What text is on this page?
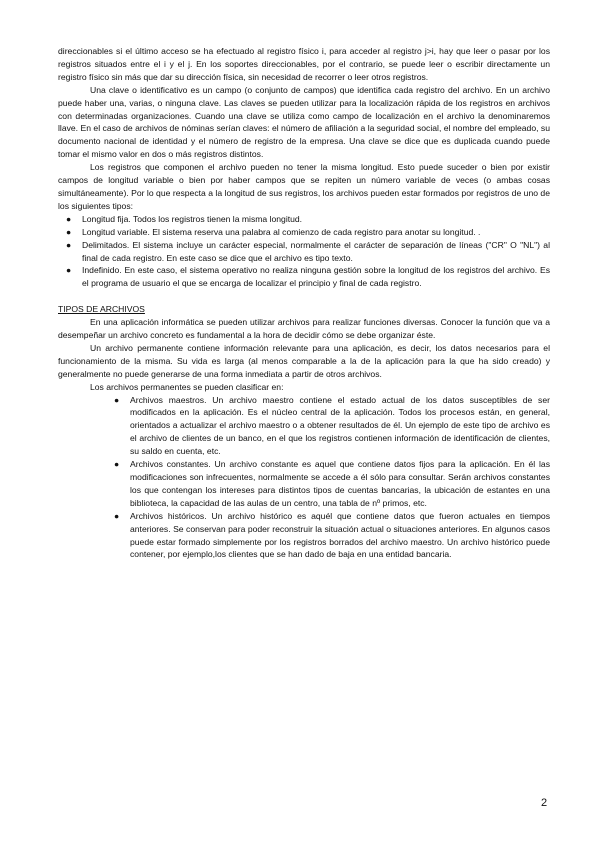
direccionables si el último acceso se ha efectuado al registro físico i, para acceder al registro j>i, hay que leer o pasar por los registros situados entre el i y el j. En los soportes direccionables, por el contrario, se puede leer o escribir directamente un registro físico sin más que dar su dirección física, sin necesidad de recorrer o leer otros registros.

Una clave o identificativo es un campo (o conjunto de campos) que identifica cada registro del archivo. En un archivo puede haber una, varias, o ninguna clave. Las claves se pueden utilizar para la localización rápida de los registros en archivos con determinadas organizaciones. Cuando una clave se utiliza como campo de localización en el archivo la denominaremos llave. En el caso de archivos de nóminas serían claves: el número de afiliación a la seguridad social, el nombre del empleado, su documento nacional de identidad y el número de registro de la empresa. Una clave se dice que es duplicada cuando puede tomar el mismo valor en dos o más registros distintos.

Los registros que componen el archivo pueden no tener la misma longitud. Esto puede suceder o bien por existir campos de longitud variable o bien por haber campos que se repiten un número variable de veces (o ambas cosas simultáneamente). Por lo que respecta a la longitud de sus registros, los archivos pueden estar formados por registros de uno de los siguientes tipos:

● Longitud fija. Todos los registros tienen la misma longitud.
● Longitud variable. El sistema reserva una palabra al comienzo de cada registro para anotar su longitud. .
● Delimitados. El sistema incluye un carácter especial, normalmente el carácter de separación de líneas ("CR" O "NL") al final de cada registro. En este caso se dice que el archivo es tipo texto.
● Indefinido. En este caso, el sistema operativo no realiza ninguna gestión sobre la longitud de los registros del archivo. Es el programa de usuario el que se encarga de localizar el principio y final de cada registro.

TIPOS DE ARCHIVOS

En una aplicación informática se pueden utilizar archivos para realizar funciones diversas. Conocer la función que va a desempeñar un archivo concreto es fundamental a la hora de decidir cómo se debe organizar éste.

Un archivo permanente contiene información relevante para una aplicación, es decir, los datos necesarios para el funcionamiento de la misma. Su vida es larga (al menos comparable a la de la aplicación para la que ha sido creado) y generalmente no puede generarse de una forma inmediata a partir de otros archivos.

Los archivos permanentes se pueden clasificar en:

● Archivos maestros. Un archivo maestro contiene el estado actual de los datos susceptibles de ser modificados en la aplicación. Es el núcleo central de la aplicación. Todos los procesos están, en general, orientados a actualizar el archivo maestro o a obtener resultados de él. Un ejemplo de este tipo de archivo es el archivo de clientes de un banco, en el que los registros contienen información de identificación de clientes, su saldo en cuenta, etc.
● Archivos constantes. Un archivo constante es aquel que contiene datos fijos para la aplicación. En él las modificaciones son infrecuentes, normalmente se accede a él sólo para consultar. Serán archivos constantes los que contengan los intereses para distintos tipos de cuentas bancarias, la ubicación de estantes en una biblioteca, la capacidad de las aulas de un centro, una tabla de nº primos, etc.
● Archivos históricos. Un archivo histórico es aquél que contiene datos que fueron actuales en tiempos anteriores. Se conservan para poder reconstruir la situación actual o situaciones anteriores. En algunos casos puede estar formado simplemente por los registros borrados del archivo maestro. Un archivo histórico puede contener, por ejemplo,los clientes que se han dado de baja en una entidad bancaria.
2
